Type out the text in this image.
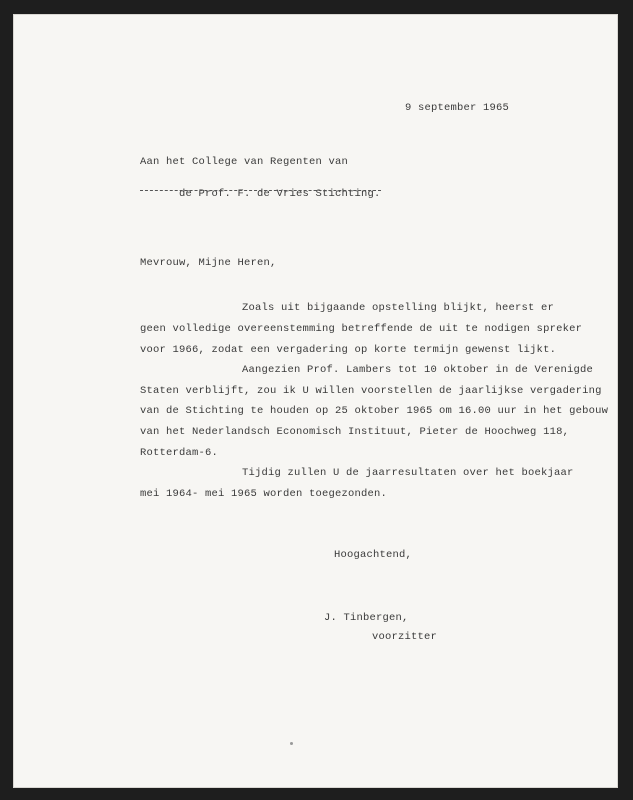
9 september 1965
Aan het College van Regenten van

de Prof. F. de Vries Stichting.

Mevrouw, Mijne Heren,
Zoals uit bijgaande opstelling blijkt, heerst er
geen volledige overeenstemming betreffende de uit te nodigen spreker
voor 1966, zodat een vergadering op korte termijn gewenst lijkt.
Aangezien Prof. Lambers tot 10 oktober in de Verenigde
Staten verblijft, zou ik U willen voorstellen de jaarlijkse vergadering
van de Stichting te houden op 25 oktober 1965 om 16.00 uur in het gebouw
van het Nederlandsch Economisch Instituut, Pieter de Hoochweg 118,
Rotterdam-6.
Tijdig zullen U de jaarresultaten over het boekjaar
mei 1964- mei 1965 worden toegezonden.
Hoogachtend,
J. Tinbergen,
voorzitter
